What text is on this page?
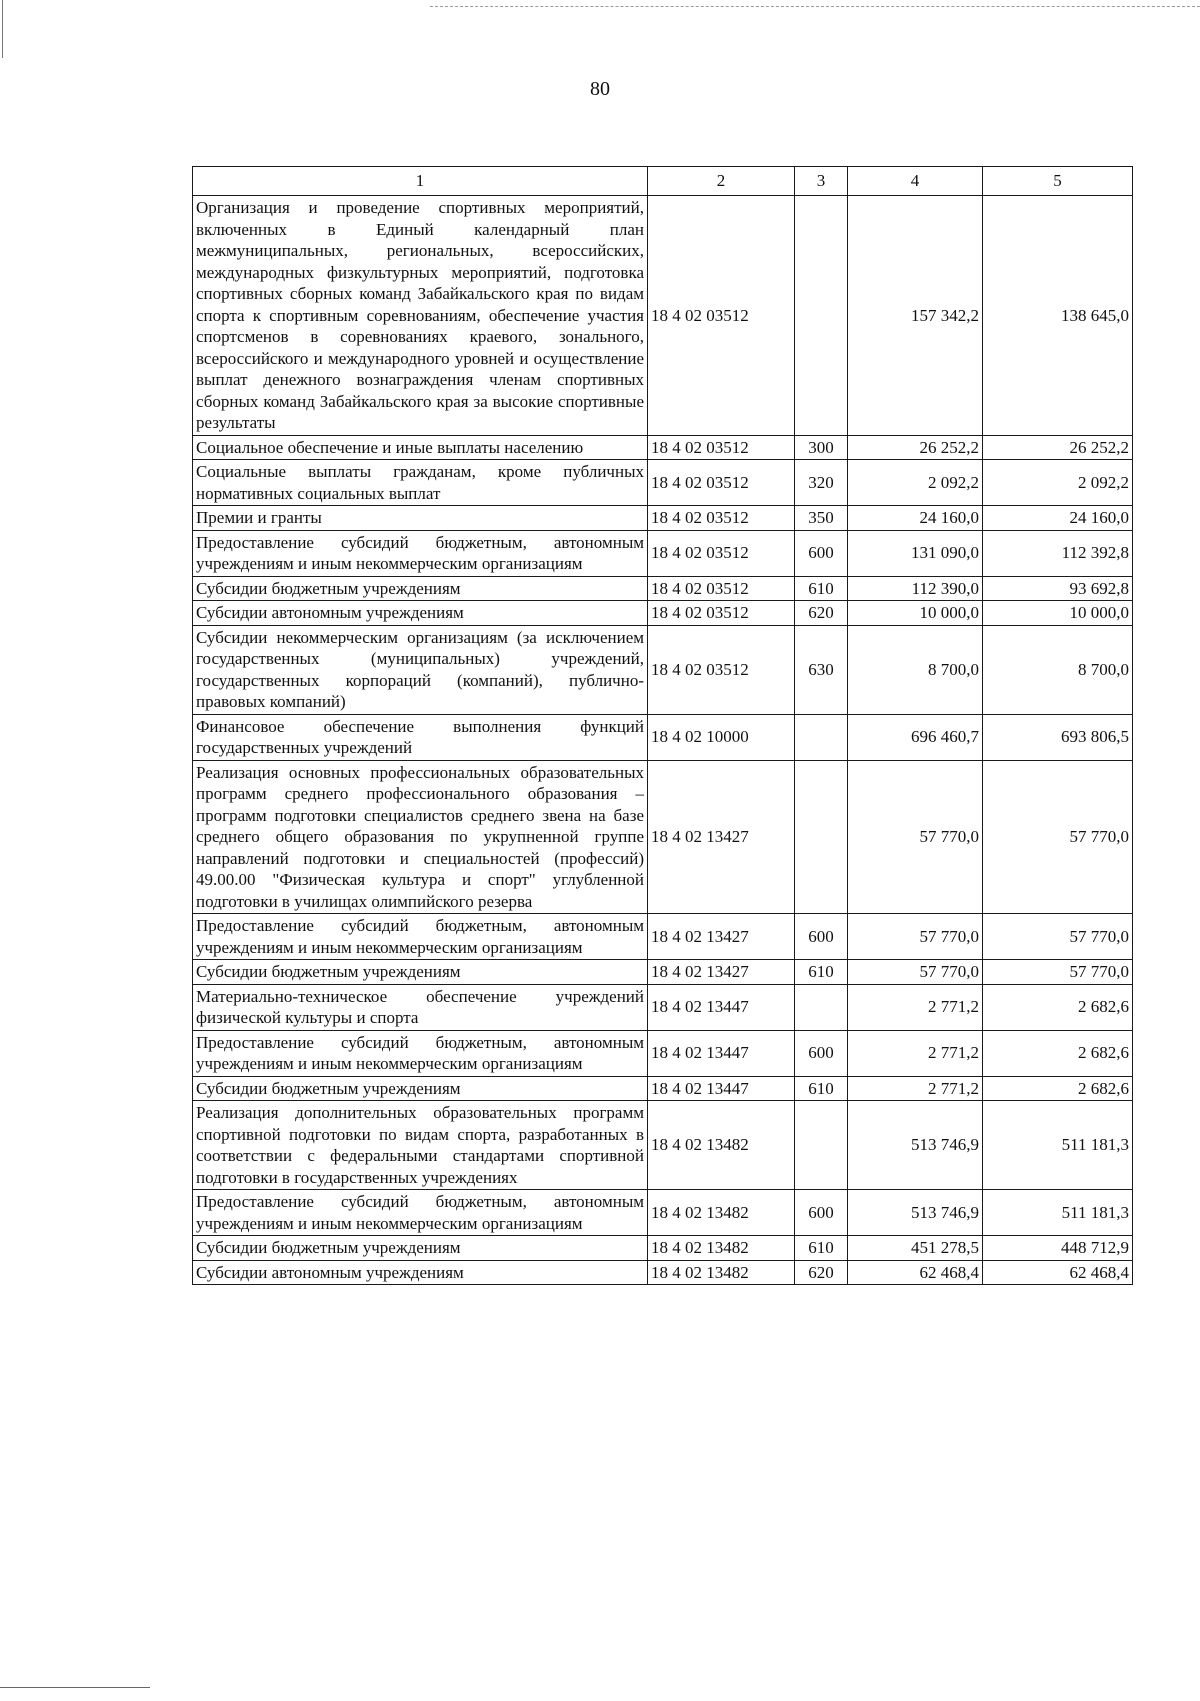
80
1	2	3	4	5
Организация и проведение спортивных мероприятий, включенных в Единый календарный план межмуниципальных, региональных, всероссийских, международных физкультурных мероприятий, подготовка спортивных сборных команд Забайкальского края по видам спорта к спортивным соревнованиям, обеспечение участия спортсменов в соревнованиях краевого, зонального, всероссийского и международного уровней и осуществление выплат денежного вознаграждения членам спортивных сборных команд Забайкальского края за высокие спортивные результаты	18 4 02 03512		157 342,2	138 645,0
Социальное обеспечение и иные выплаты населению	18 4 02 03512	300	26 252,2	26 252,2
Социальные выплаты гражданам, кроме публичных нормативных социальных выплат	18 4 02 03512	320	2 092,2	2 092,2
Премии и гранты	18 4 02 03512	350	24 160,0	24 160,0
Предоставление субсидий бюджетным, автономным учреждениям и иным некоммерческим организациям	18 4 02 03512	600	131 090,0	112 392,8
Субсидии бюджетным учреждениям	18 4 02 03512	610	112 390,0	93 692,8
Субсидии автономным учреждениям	18 4 02 03512	620	10 000,0	10 000,0
Субсидии некоммерческим организациям (за исключением государственных (муниципальных) учреждений, государственных корпораций (компаний), публично-правовых компаний)	18 4 02 03512	630	8 700,0	8 700,0
Финансовое обеспечение выполнения функций государственных учреждений	18 4 02 10000		696 460,7	693 806,5
Реализация основных профессиональных образовательных программ среднего профессионального образования – программ подготовки специалистов среднего звена на базе среднего общего образования по укрупненной группе направлений подготовки и специальностей (профессий) 49.00.00 "Физическая культура и спорт" углубленной подготовки в училищах олимпийского резерва	18 4 02 13427		57 770,0	57 770,0
Предоставление субсидий бюджетным, автономным учреждениям и иным некоммерческим организациям	18 4 02 13427	600	57 770,0	57 770,0
Субсидии бюджетным учреждениям	18 4 02 13427	610	57 770,0	57 770,0
Материально-техническое обеспечение учреждений физической культуры и спорта	18 4 02 13447		2 771,2	2 682,6
Предоставление субсидий бюджетным, автономным учреждениям и иным некоммерческим организациям	18 4 02 13447	600	2 771,2	2 682,6
Субсидии бюджетным учреждениям	18 4 02 13447	610	2 771,2	2 682,6
Реализация дополнительных образовательных программ спортивной подготовки по видам спорта, разработанных в соответствии с федеральными стандартами спортивной подготовки в государственных учреждениях	18 4 02 13482		513 746,9	511 181,3
Предоставление субсидий бюджетным, автономным учреждениям и иным некоммерческим организациям	18 4 02 13482	600	513 746,9	511 181,3
Субсидии бюджетным учреждениям	18 4 02 13482	610	451 278,5	448 712,9
Субсидии автономным учреждениям	18 4 02 13482	620	62 468,4	62 468,4
